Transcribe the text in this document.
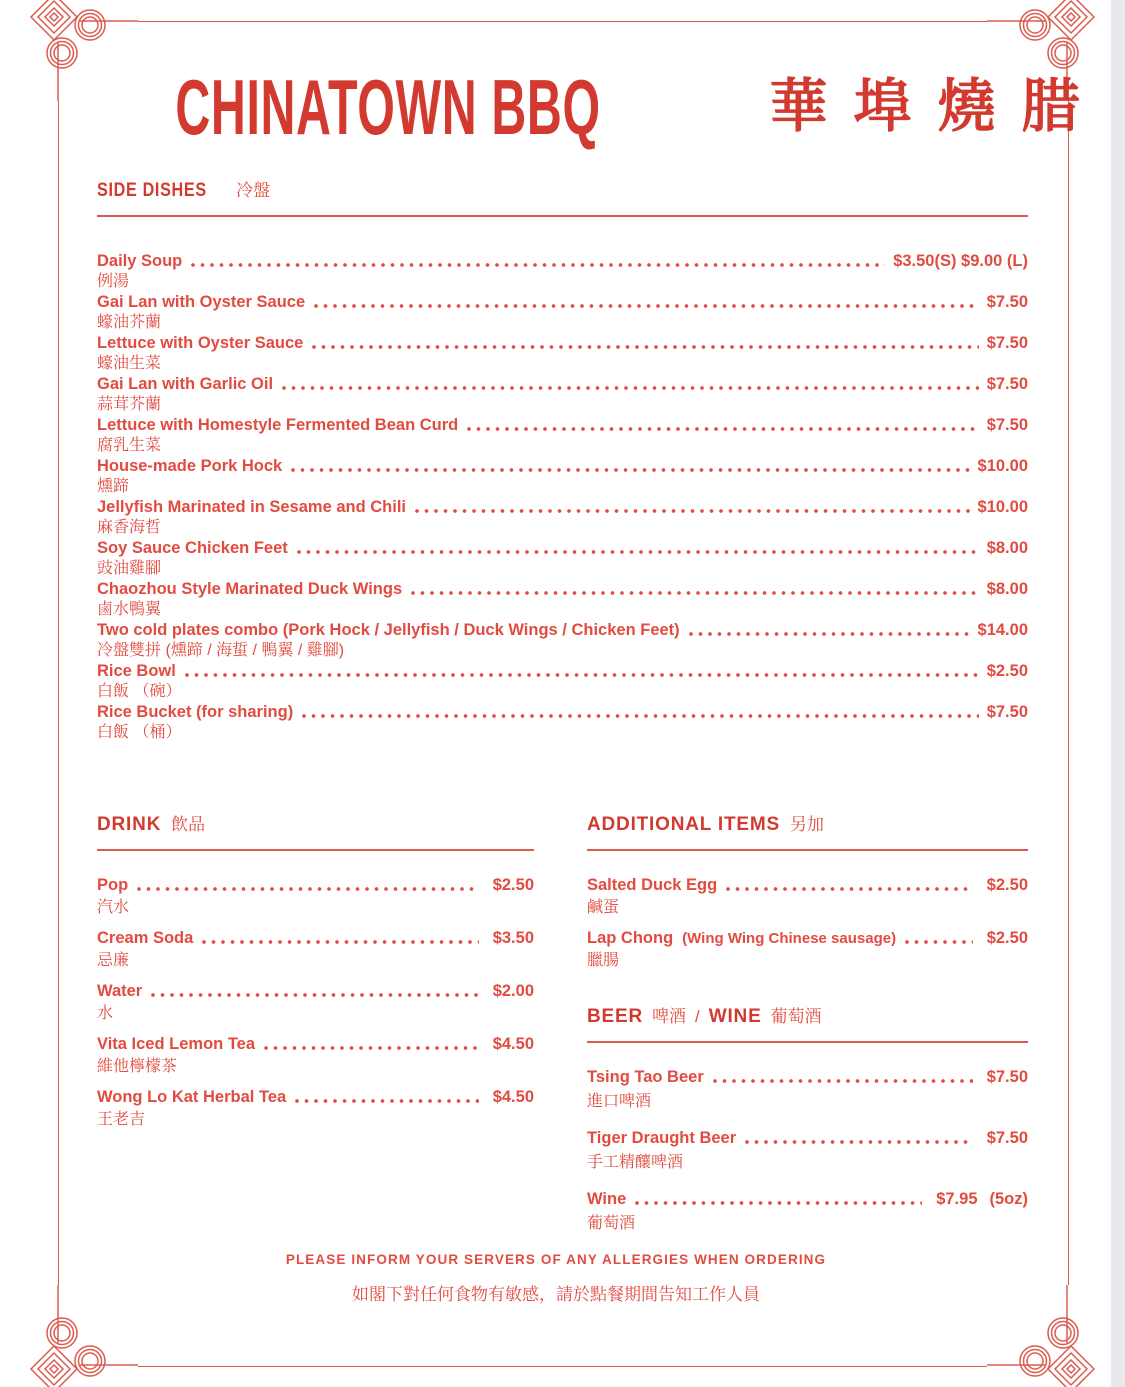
CHINATOWN BBQ	華埠燒腊
SIDE DISHES	冷盤
Daily Soup	$3.50(S) $9.00 (L)
例湯
Gai Lan with Oyster Sauce	$7.50
蠔油芥蘭
Lettuce with Oyster Sauce	$7.50
蠔油生菜
Gai Lan with Garlic Oil	$7.50
蒜茸芥蘭
Lettuce with Homestyle Fermented Bean Curd	$7.50
腐乳生菜
House-made Pork Hock	$10.00
燻蹄
Jellyfish Marinated in Sesame and Chili	$10.00
麻香海哲
Soy Sauce Chicken Feet	$8.00
豉油雞腳
Chaozhou Style Marinated Duck Wings	$8.00
鹵水鴨翼
Two cold plates combo (Pork Hock / Jellyfish / Duck Wings / Chicken Feet)	$14.00
冷盤雙拼 (燻蹄 / 海蜇 / 鴨翼 / 雞腳)
Rice Bowl	$2.50
白飯 （碗）
Rice Bucket (for sharing)	$7.50
白飯 （桶）
DRINK 飲品
Pop	$2.50
汽水
Cream Soda	$3.50
忌廉
Water	$2.00
水
Vita Iced Lemon Tea	$4.50
維他檸檬茶
Wong Lo Kat Herbal Tea	$4.50
王老吉
ADDITIONAL ITEMS 另加
Salted Duck Egg	$2.50
鹹蛋
Lap Chong (Wing Wing Chinese sausage)	$2.50
臘腸
BEER 啤酒 / WINE 葡萄酒
Tsing Tao Beer	$7.50
進口啤酒
Tiger Draught Beer	$7.50
手工精釀啤酒
Wine	$7.95 (5oz)
葡萄酒
PLEASE INFORM YOUR SERVERS OF ANY ALLERGIES WHEN ORDERING
如閣下對任何食物有敏感，請於點餐期間告知工作人員
